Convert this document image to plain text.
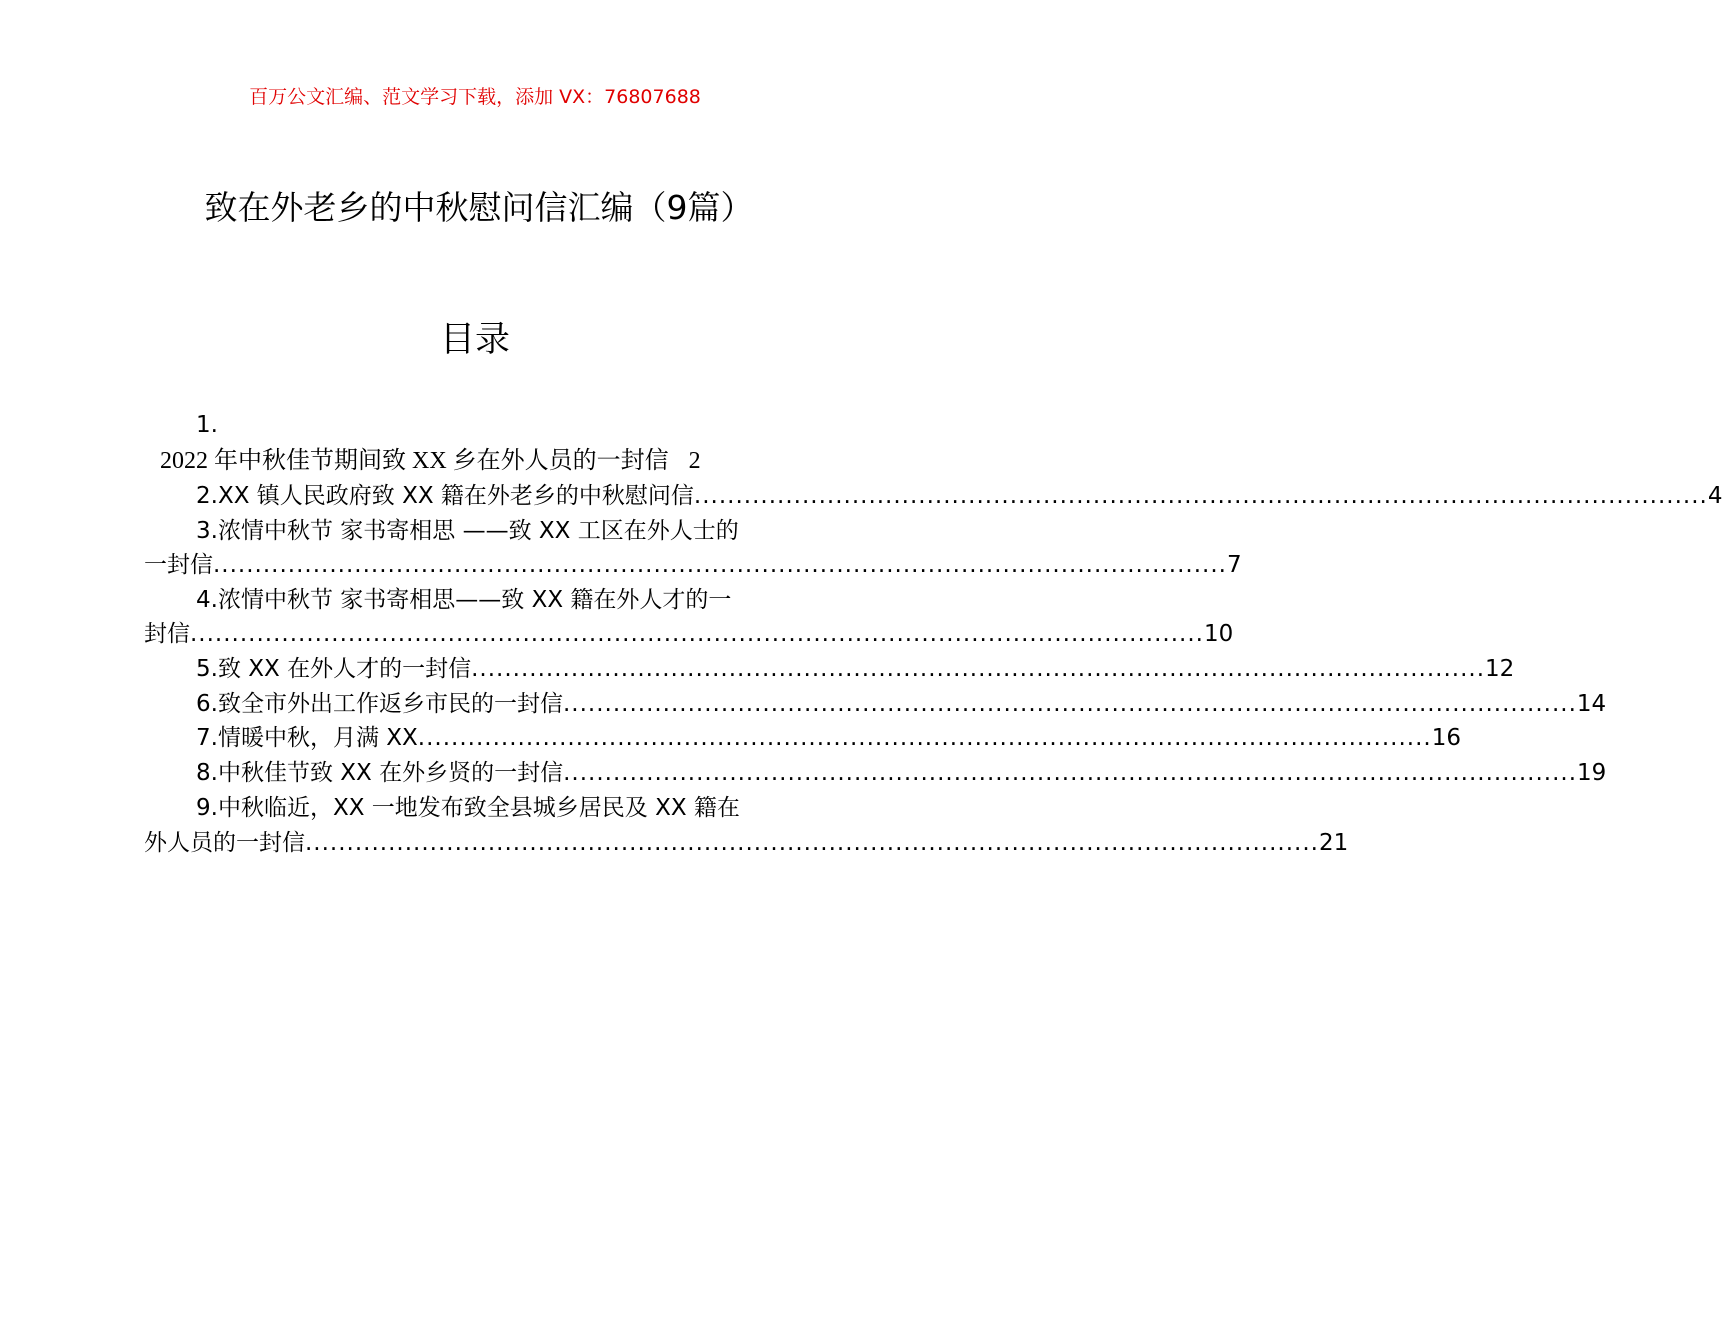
百万公文汇编、范文学习下载，添加 VX：76807688
致在外老乡的中秋慰问信汇编（9篇）
目录
1.
2022 年中秋佳节期间致 XX 乡在外人员的一封信 2
2.XX 镇人民政府致 XX 籍在外老乡的中秋慰问信 .......................................................................................................................... 4
3.浓情中秋节 家书寄相思 ——致 XX 工区在外人士的
一封信 .......................................................................................................................... 7
4.浓情中秋节 家书寄相思——致 XX 籍在外人才的一
封信 .......................................................................................................................... 10
5.致 XX 在外人才的一封信 .......................................................................................................................... 12
6.致全市外出工作返乡市民的一封信 .......................................................................................................................... 14
7.情暖中秋，月满 XX .......................................................................................................................... 16
8.中秋佳节致 XX 在外乡贤的一封信 .......................................................................................................................... 19
9.中秋临近，XX 一地发布致全县城乡居民及 XX 籍在
外人员的一封信 .......................................................................................................................... 21
